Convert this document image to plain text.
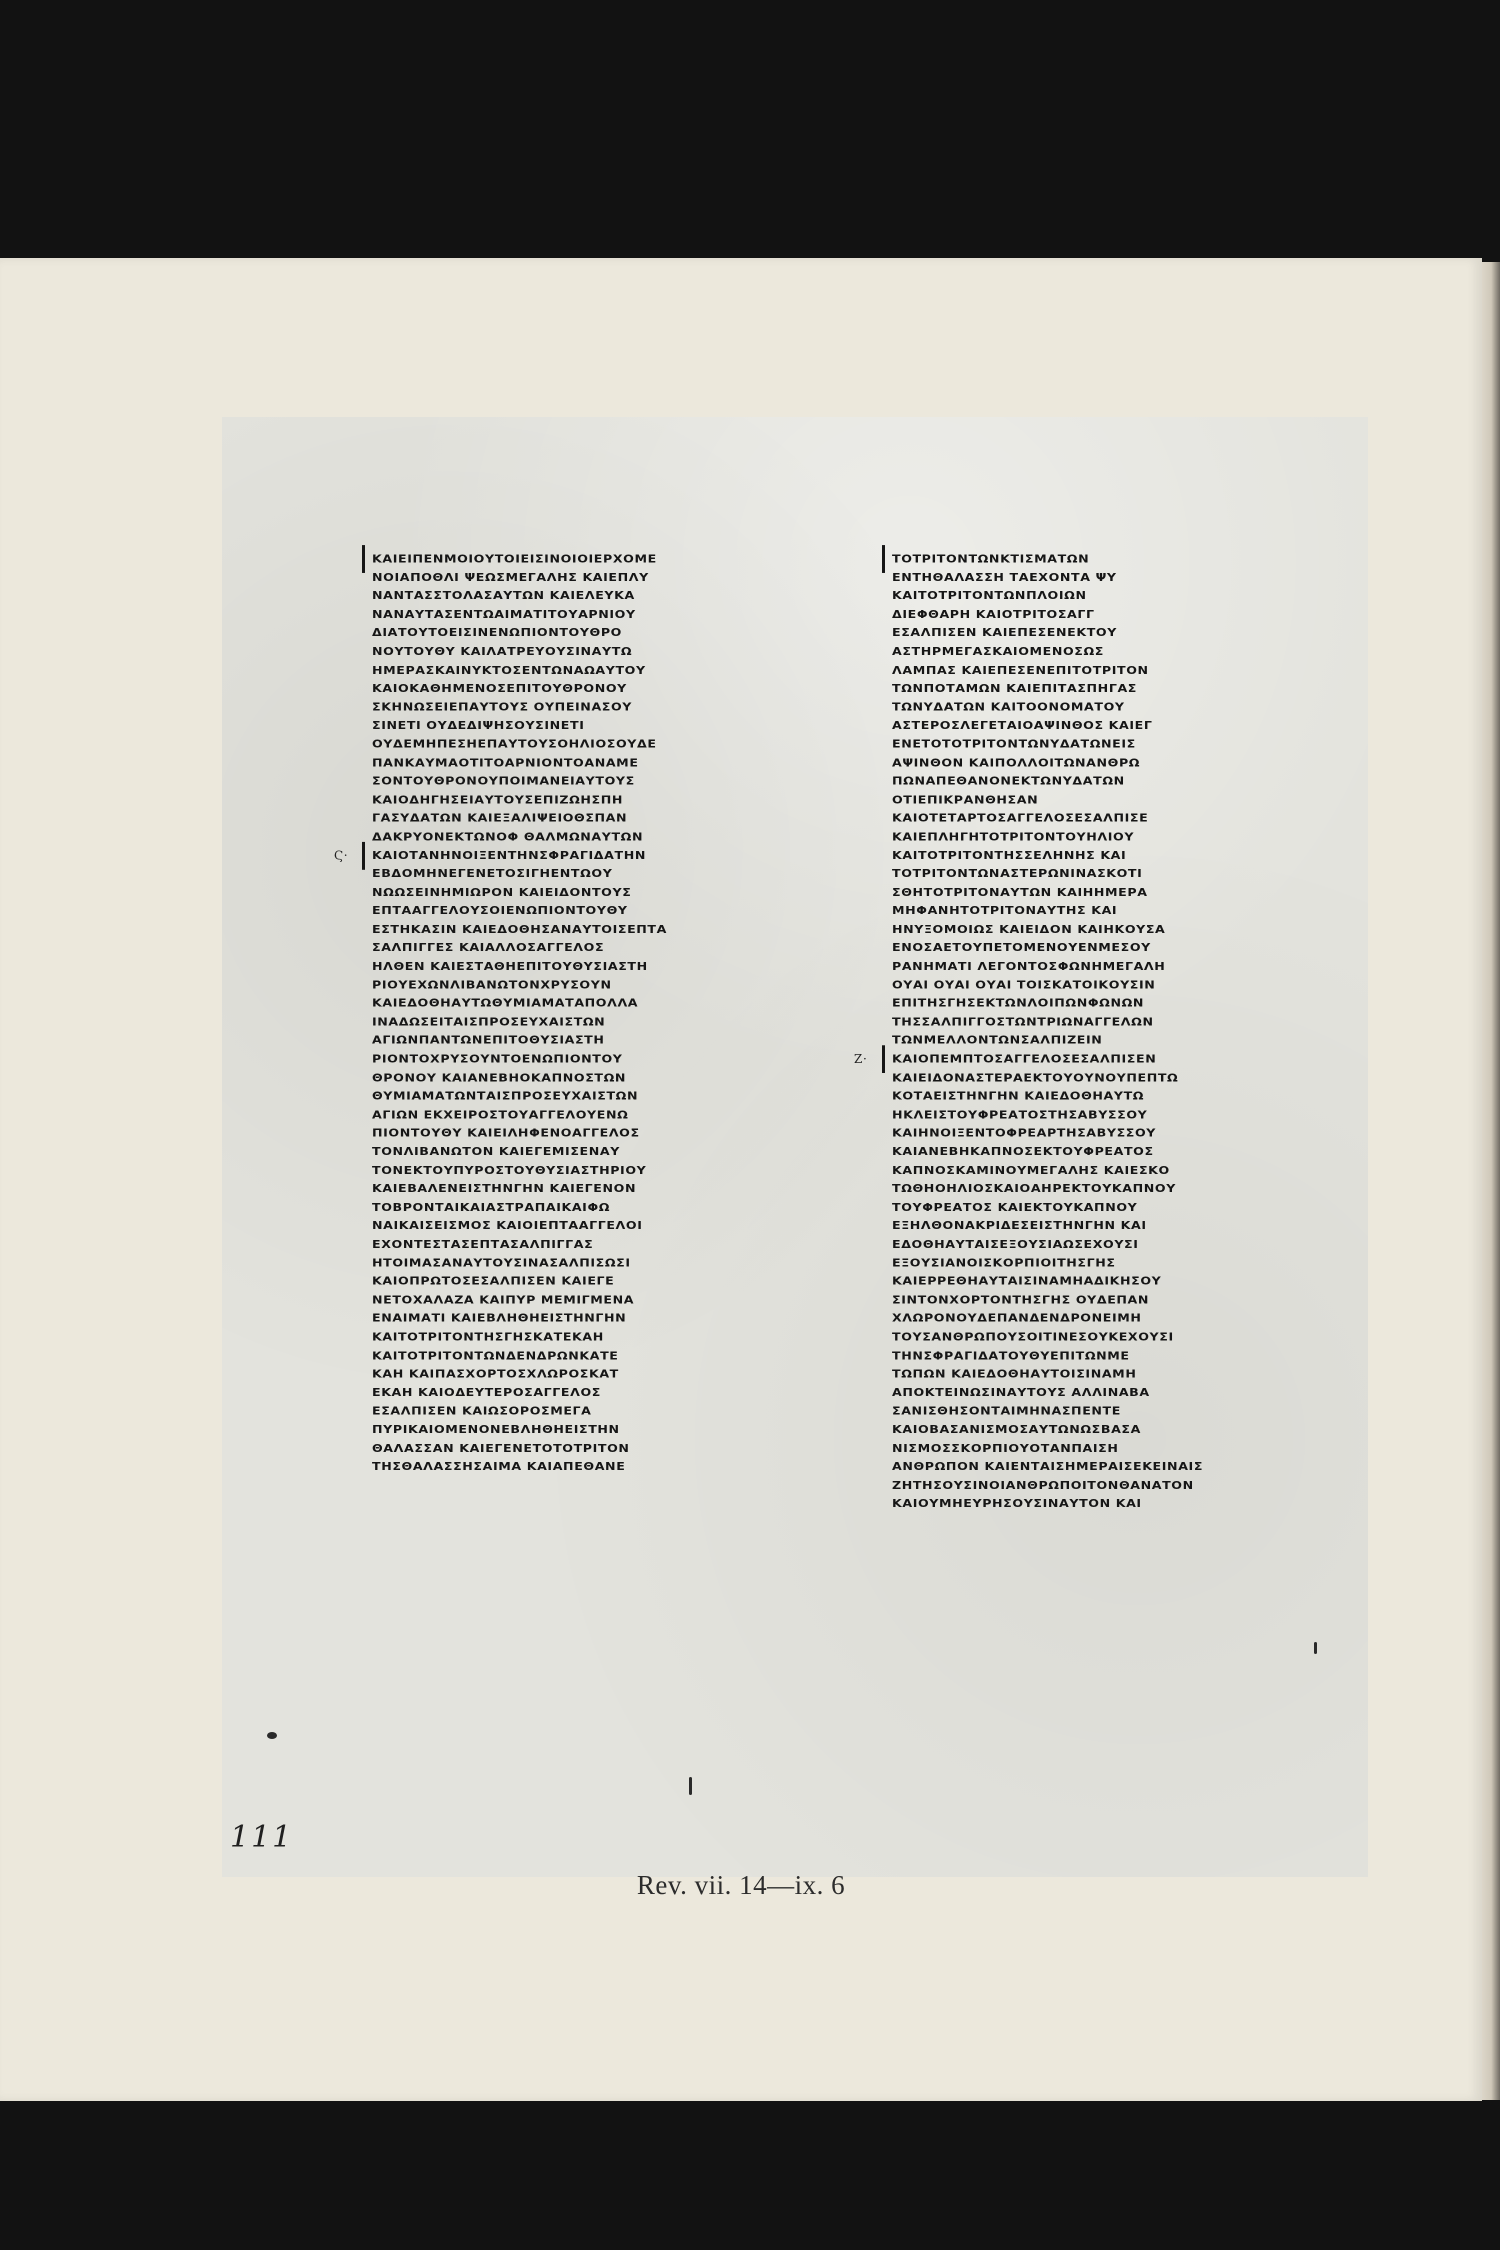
ΚΑΙΕΙΠΕΝΜΟΙΟΥΤΟΙΕΙΣΙΝΟΙΟΙΕΡΧΟΜΕ
ΝΟΙΑΠΟΘΛΙ ΨΕΩΣΜΕΓΑΛΗΣ ΚΑΙΕΠΛΥ
ΝΑΝΤΑΣΣΤΟΛΑΣΑΥΤΩΝ ΚΑΙΕΛΕΥΚΑ
ΝΑΝΑΥΤΑΣΕΝΤΩΑΙΜΑΤΙΤΟΥΑΡΝΙΟΥ
ΔΙΑΤΟΥΤΟΕΙΣΙΝΕΝΩΠΙΟΝΤΟΥΘΡΟ
ΝΟΥΤΟΥΘΥ ΚΑΙΛΑΤΡΕΥΟΥΣΙΝΑΥΤΩ
ΗΜΕΡΑΣΚΑΙΝΥΚΤΟΣΕΝΤΩΝΑΩΑΥΤΟΥ
ΚΑΙΟΚΑΘΗΜΕΝΟΣΕΠΙΤΟΥΘΡΟΝΟΥ
ΣΚΗΝΩΣΕΙΕΠΑΥΤΟΥΣ ΟΥΠΕΙΝΑΣΟΥ
ΣΙΝΕΤΙ ΟΥΔΕΔΙΨΗΣΟΥΣΙΝΕΤΙ
ΟΥΔΕΜΗΠΕΣΗΕΠΑΥΤΟΥΣΟΗΛΙΟΣΟΥΔΕ
ΠΑΝΚΑΥΜΑΟΤΙΤΟΑΡΝΙΟΝΤΟΑΝΑΜΕ
ΣΟΝΤΟΥΘΡΟΝΟΥΠΟΙΜΑΝΕΙΑΥΤΟΥΣ
ΚΑΙΟΔΗΓΗΣΕΙΑΥΤΟΥΣΕΠΙΖΩΗΣΠΗ
ΓΑΣΥΔΑΤΩΝ ΚΑΙΕΞΑΛΙΨΕΙΟΘΣΠΑΝ
ΔΑΚΡΥΟΝΕΚΤΩΝΟΦ ΘΑΛΜΩΝΑΥΤΩΝ
ΚΑΙΟΤΑΝΗΝΟΙΞΕΝΤΗΝΣΦΡΑΓΙΔΑΤΗΝ
ΕΒΔΟΜΗΝΕΓΕΝΕΤΟΣΙΓΗΕΝΤΩΟΥ
ΝΩΩΣΕΙΝΗΜΙΩΡΟΝ ΚΑΙΕΙΔΟΝΤΟΥΣ
ΕΠΤΑΑΓΓΕΛΟΥΣΟΙΕΝΩΠΙΟΝΤΟΥΘΥ
ΕΣΤΗΚΑΣΙΝ ΚΑΙΕΔΟΘΗΣΑΝΑΥΤΟΙΣΕΠΤΑ
ΣΑΛΠΙΓΓΕΣ ΚΑΙΑΛΛΟΣΑΓΓΕΛΟΣ
ΗΛΘΕΝ ΚΑΙΕΣΤΑΘΗΕΠΙΤΟΥΘΥΣΙΑΣΤΗ
ΡΙΟΥΕΧΩΝΛΙΒΑΝΩΤΟΝΧΡΥΣΟΥΝ
ΚΑΙΕΔΟΘΗΑΥΤΩΘΥΜΙΑΜΑΤΑΠΟΛΛΑ
ΙΝΑΔΩΣΕΙΤΑΙΣΠΡΟΣΕΥΧΑΙΣΤΩΝ
ΑΓΙΩΝΠΑΝΤΩΝΕΠΙΤΟΘΥΣΙΑΣΤΗ
ΡΙΟΝΤΟΧΡΥΣΟΥΝΤΟΕΝΩΠΙΟΝΤΟΥ
ΘΡΟΝΟΥ ΚΑΙΑΝΕΒΗΟΚΑΠΝΟΣΤΩΝ
ΘΥΜΙΑΜΑΤΩΝΤΑΙΣΠΡΟΣΕΥΧΑΙΣΤΩΝ
ΑΓΙΩΝ ΕΚΧΕΙΡΟΣΤΟΥΑΓΓΕΛΟΥΕΝΩ
ΠΙΟΝΤΟΥΘΥ ΚΑΙΕΙΛΗΦΕΝΟΑΓΓΕΛΟΣ
ΤΟΝΛΙΒΑΝΩΤΟΝ ΚΑΙΕΓΕΜΙΣΕΝΑΥ
ΤΟΝΕΚΤΟΥΠΥΡΟΣΤΟΥΘΥΣΙΑΣΤΗΡΙΟΥ
ΚΑΙΕΒΑΛΕΝΕΙΣΤΗΝΓΗΝ ΚΑΙΕΓΕΝΟΝ
ΤΟΒΡΟΝΤΑΙΚΑΙΑΣΤΡΑΠΑΙΚΑΙΦΩ
ΝΑΙΚΑΙΣΕΙΣΜΟΣ ΚΑΙΟΙΕΠΤΑΑΓΓΕΛΟΙ
ΕΧΟΝΤΕΣΤΑΣΕΠΤΑΣΑΛΠΙΓΓΑΣ
ΗΤΟΙΜΑΣΑΝΑΥΤΟΥΣΙΝΑΣΑΛΠΙΣΩΣΙ
ΚΑΙΟΠΡΩΤΟΣΕΣΑΛΠΙΣΕΝ ΚΑΙΕΓΕ
ΝΕΤΟΧΑΛΑΖΑ ΚΑΙΠΥΡ ΜΕΜΙΓΜΕΝΑ
ΕΝΑΙΜΑΤΙ ΚΑΙΕΒΛΗΘΗΕΙΣΤΗΝΓΗΝ
ΚΑΙΤΟΤΡΙΤΟΝΤΗΣΓΗΣΚΑΤΕΚΑΗ
ΚΑΙΤΟΤΡΙΤΟΝΤΩΝΔΕΝΔΡΩΝΚΑΤΕ
ΚΑΗ ΚΑΙΠΑΣΧΟΡΤΟΣΧΛΩΡΟΣΚΑΤ
ΕΚΑΗ ΚΑΙΟΔΕΥΤΕΡΟΣΑΓΓΕΛΟΣ
ΕΣΑΛΠΙΣΕΝ ΚΑΙΩΣΟΡΟΣΜΕΓΑ
ΠΥΡΙΚΑΙΟΜΕΝΟΝΕΒΛΗΘΗΕΙΣΤΗΝ
ΘΑΛΑΣΣΑΝ ΚΑΙΕΓΕΝΕΤΟΤΟΤΡΙΤΟΝ
ΤΗΣΘΑΛΑΣΣΗΣΑΙΜΑ ΚΑΙΑΠΕΘΑΝΕ
Ϛ·
ΤΟΤΡΙΤΟΝΤΩΝΚΤΙΣΜΑΤΩΝ
ΕΝΤΗΘΑΛΑΣΣΗ ΤΑΕΧΟΝΤΑ ΨΥ
ΚΑΙΤΟΤΡΙΤΟΝΤΩΝΠΛΟΙΩΝ
ΔΙΕΦΘΑΡΗ ΚΑΙΟΤΡΙΤΟΣΑΓΓ
ΕΣΑΛΠΙΣΕΝ ΚΑΙΕΠΕΣΕΝΕΚΤΟΥ
ΑΣΤΗΡΜΕΓΑΣΚΑΙΟΜΕΝΟΣΩΣ
ΛΑΜΠΑΣ ΚΑΙΕΠΕΣΕΝΕΠΙΤΟΤΡΙΤΟΝ
ΤΩΝΠΟΤΑΜΩΝ ΚΑΙΕΠΙΤΑΣΠΗΓΑΣ
ΤΩΝΥΔΑΤΩΝ ΚΑΙΤΟΟΝΟΜΑΤΟΥ
ΑΣΤΕΡΟΣΛΕΓΕΤΑΙΟΑΨΙΝΘΟΣ ΚΑΙΕΓ
ΕΝΕΤΟΤΟΤΡΙΤΟΝΤΩΝΥΔΑΤΩΝΕΙΣ
ΑΨΙΝΘΟΝ ΚΑΙΠΟΛΛΟΙΤΩΝΑΝΘΡΩ
ΠΩΝΑΠΕΘΑΝΟΝΕΚΤΩΝΥΔΑΤΩΝ
ΟΤΙΕΠΙΚΡΑΝΘΗΣΑΝ
ΚΑΙΟΤΕΤΑΡΤΟΣΑΓΓΕΛΟΣΕΣΑΛΠΙΣΕ
ΚΑΙΕΠΛΗΓΗΤΟΤΡΙΤΟΝΤΟΥΗΛΙΟΥ
ΚΑΙΤΟΤΡΙΤΟΝΤΗΣΣΕΛΗΝΗΣ ΚΑΙ
ΤΟΤΡΙΤΟΝΤΩΝΑΣΤΕΡΩΝΙΝΑΣΚΟΤΙ
ΣΘΗΤΟΤΡΙΤΟΝΑΥΤΩΝ ΚΑΙΗΗΜΕΡΑ
ΜΗΦΑΝΗΤΟΤΡΙΤΟΝΑΥΤΗΣ ΚΑΙ
ΗΝΥΞΟΜΟΙΩΣ ΚΑΙΕΙΔΟΝ ΚΑΙΗΚΟΥΣΑ
ΕΝΟΣΑΕΤΟΥΠΕΤΟΜΕΝΟΥΕΝΜΕΣΟΥ
ΡΑΝΗΜΑΤΙ ΛΕΓΟΝΤΟΣΦΩΝΗΜΕΓΑΛΗ
ΟΥΑΙ ΟΥΑΙ ΟΥΑΙ ΤΟΙΣΚΑΤΟΙΚΟΥΣΙΝ
ΕΠΙΤΗΣΓΗΣΕΚΤΩΝΛΟΙΠΩΝΦΩΝΩΝ
ΤΗΣΣΑΛΠΙΓΓΟΣΤΩΝΤΡΙΩΝΑΓΓΕΛΩΝ
ΤΩΝΜΕΛΛΟΝΤΩΝΣΑΛΠΙΖΕΙΝ
ΚΑΙΟΠΕΜΠΤΟΣΑΓΓΕΛΟΣΕΣΑΛΠΙΣΕΝ
ΚΑΙΕΙΔΟΝΑΣΤΕΡΑΕΚΤΟΥΟΥΝΟΥΠΕΠΤΩ
ΚΟΤΑΕΙΣΤΗΝΓΗΝ ΚΑΙΕΔΟΘΗΑΥΤΩ
ΗΚΛΕΙΣΤΟΥΦΡΕΑΤΟΣΤΗΣΑΒΥΣΣΟΥ
ΚΑΙΗΝΟΙΞΕΝΤΟΦΡΕΑΡΤΗΣΑΒΥΣΣΟΥ
ΚΑΙΑΝΕΒΗΚΑΠΝΟΣΕΚΤΟΥΦΡΕΑΤΟΣ
ΚΑΠΝΟΣΚΑΜΙΝΟΥΜΕΓΑΛΗΣ ΚΑΙΕΣΚΟ
ΤΩΘΗΟΗΛΙΟΣΚΑΙΟΑΗΡΕΚΤΟΥΚΑΠΝΟΥ
ΤΟΥΦΡΕΑΤΟΣ ΚΑΙΕΚΤΟΥΚΑΠΝΟΥ
ΕΞΗΛΘΟΝΑΚΡΙΔΕΣΕΙΣΤΗΝΓΗΝ ΚΑΙ
ΕΔΟΘΗΑΥΤΑΙΣΕΞΟΥΣΙΑΩΣΕΧΟΥΣΙ
ΕΞΟΥΣΙΑΝΟΙΣΚΟΡΠΙΟΙΤΗΣΓΗΣ
ΚΑΙΕΡΡΕΘΗΑΥΤΑΙΣΙΝΑΜΗΑΔΙΚΗΣΟΥ
ΣΙΝΤΟΝΧΟΡΤΟΝΤΗΣΓΗΣ ΟΥΔΕΠΑΝ
ΧΛΩΡΟΝΟΥΔΕΠΑΝΔΕΝΔΡΟΝΕΙΜΗ
ΤΟΥΣΑΝΘΡΩΠΟΥΣΟΙΤΙΝΕΣΟΥΚΕΧΟΥΣΙ
ΤΗΝΣΦΡΑΓΙΔΑΤΟΥΘΥΕΠΙΤΩΝΜΕ
ΤΩΠΩΝ ΚΑΙΕΔΟΘΗΑΥΤΟΙΣΙΝΑΜΗ
ΑΠΟΚΤΕΙΝΩΣΙΝΑΥΤΟΥΣ ΑΛΛΙΝΑΒΑ
ΣΑΝΙΣΘΗΣΟΝΤΑΙΜΗΝΑΣΠΕΝΤΕ
ΚΑΙΟΒΑΣΑΝΙΣΜΟΣΑΥΤΩΝΩΣΒΑΣΑ
ΝΙΣΜΟΣΣΚΟΡΠΙΟΥΟΤΑΝΠΑΙΣΗ
ΑΝΘΡΩΠΟΝ ΚΑΙΕΝΤΑΙΣΗΜΕΡΑΙΣΕΚΕΙΝΑΙΣ
ΖΗΤΗΣΟΥΣΙΝΟΙΑΝΘΡΩΠΟΙΤΟΝΘΑΝΑΤΟΝ
ΚΑΙΟΥΜΗΕΥΡΗΣΟΥΣΙΝΑΥΤΟΝ ΚΑΙ
Ζ·
111
Rev. vii. 14—ix. 6
